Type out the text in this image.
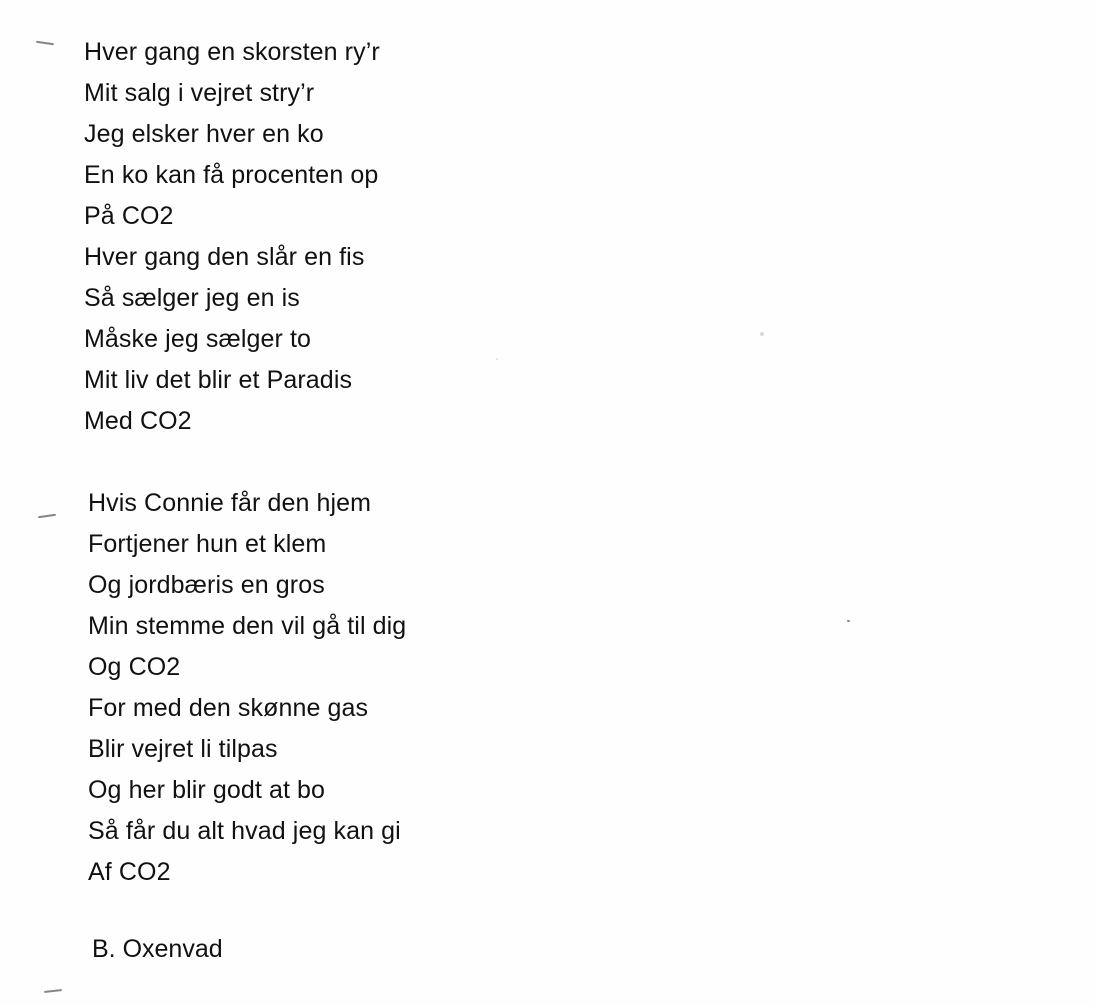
Hver gang en skorsten ry’r
Mit salg i vejret stry’r
Jeg elsker hver en ko
En ko kan få procenten op
På CO2
Hver gang den slår en fis
Så sælger jeg en is
Måske jeg sælger to
Mit liv det blir et Paradis
Med CO2
Hvis Connie får den hjem
Fortjener hun et klem
Og jordbæris en gros
Min stemme den vil gå til dig
Og CO2
For med den skønne gas
Blir vejret li tilpas
Og her blir godt at bo
Så får du alt hvad jeg kan gi
Af CO2
B. Oxenvad
